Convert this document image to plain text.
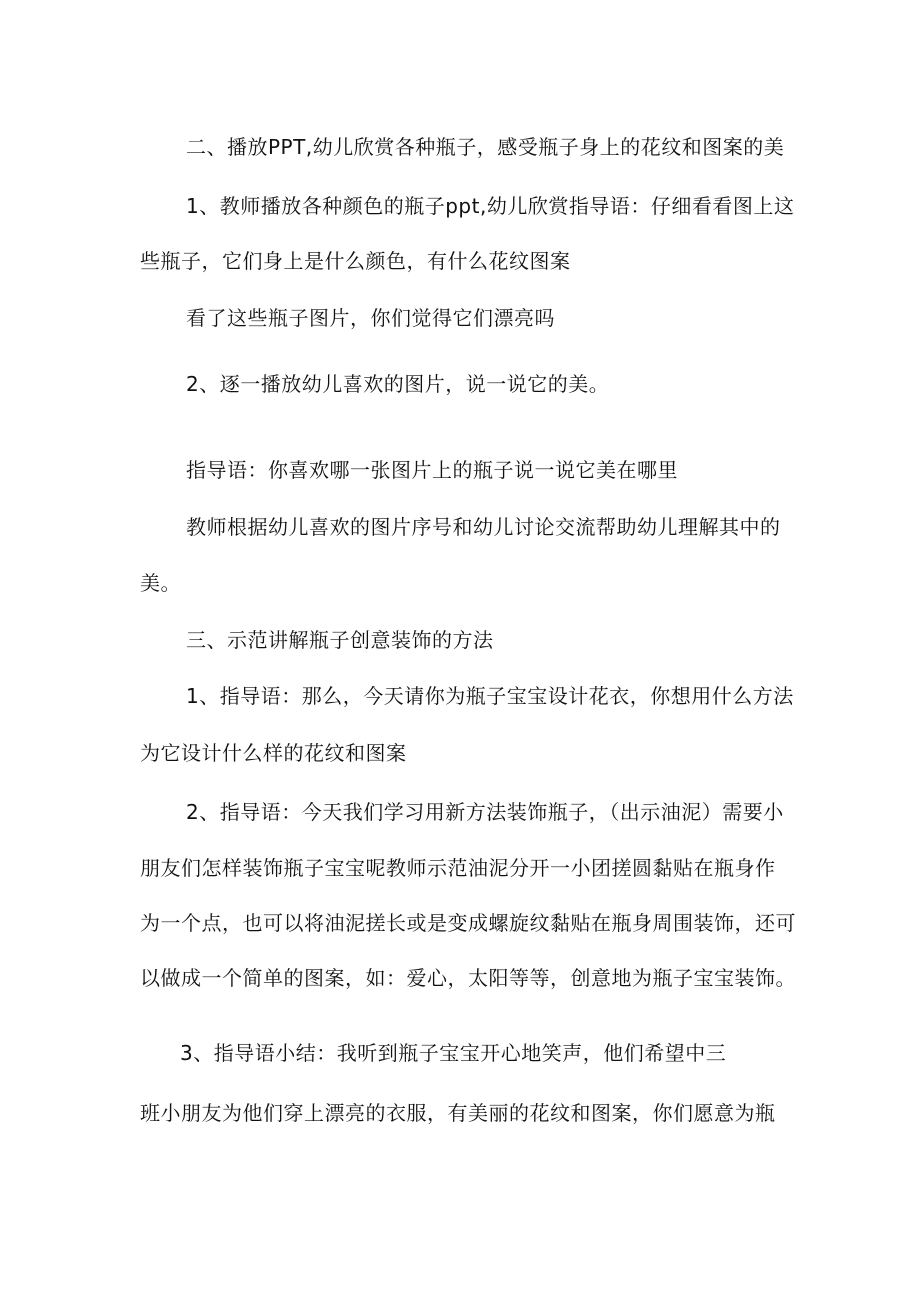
二、播放PPT,幼儿欣赏各种瓶子，感受瓶子身上的花纹和图案的美
1、教师播放各种颜色的瓶子ppt,幼儿欣赏指导语：仔细看看图上这
些瓶子，它们身上是什么颜色，有什么花纹图案
看了这些瓶子图片，你们觉得它们漂亮吗
2、逐一播放幼儿喜欢的图片，说一说它的美。
指导语：你喜欢哪一张图片上的瓶子说一说它美在哪里
教师根据幼儿喜欢的图片序号和幼儿讨论交流帮助幼儿理解其中的
美。
三、示范讲解瓶子创意装饰的方法
1、指导语：那么，今天请你为瓶子宝宝设计花衣，你想用什么方法
为它设计什么样的花纹和图案
2、指导语：今天我们学习用新方法装饰瓶子，（出示油泥）需要小
朋友们怎样装饰瓶子宝宝呢教师示范油泥分开一小团搓圆黏贴在瓶身作
为一个点，也可以将油泥搓长或是变成螺旋纹黏贴在瓶身周围装饰，还可
以做成一个简单的图案，如：爱心，太阳等等，创意地为瓶子宝宝装饰。
3、指导语小结：我听到瓶子宝宝开心地笑声，他们希望中三
班小朋友为他们穿上漂亮的衣服，有美丽的花纹和图案，你们愿意为瓶
